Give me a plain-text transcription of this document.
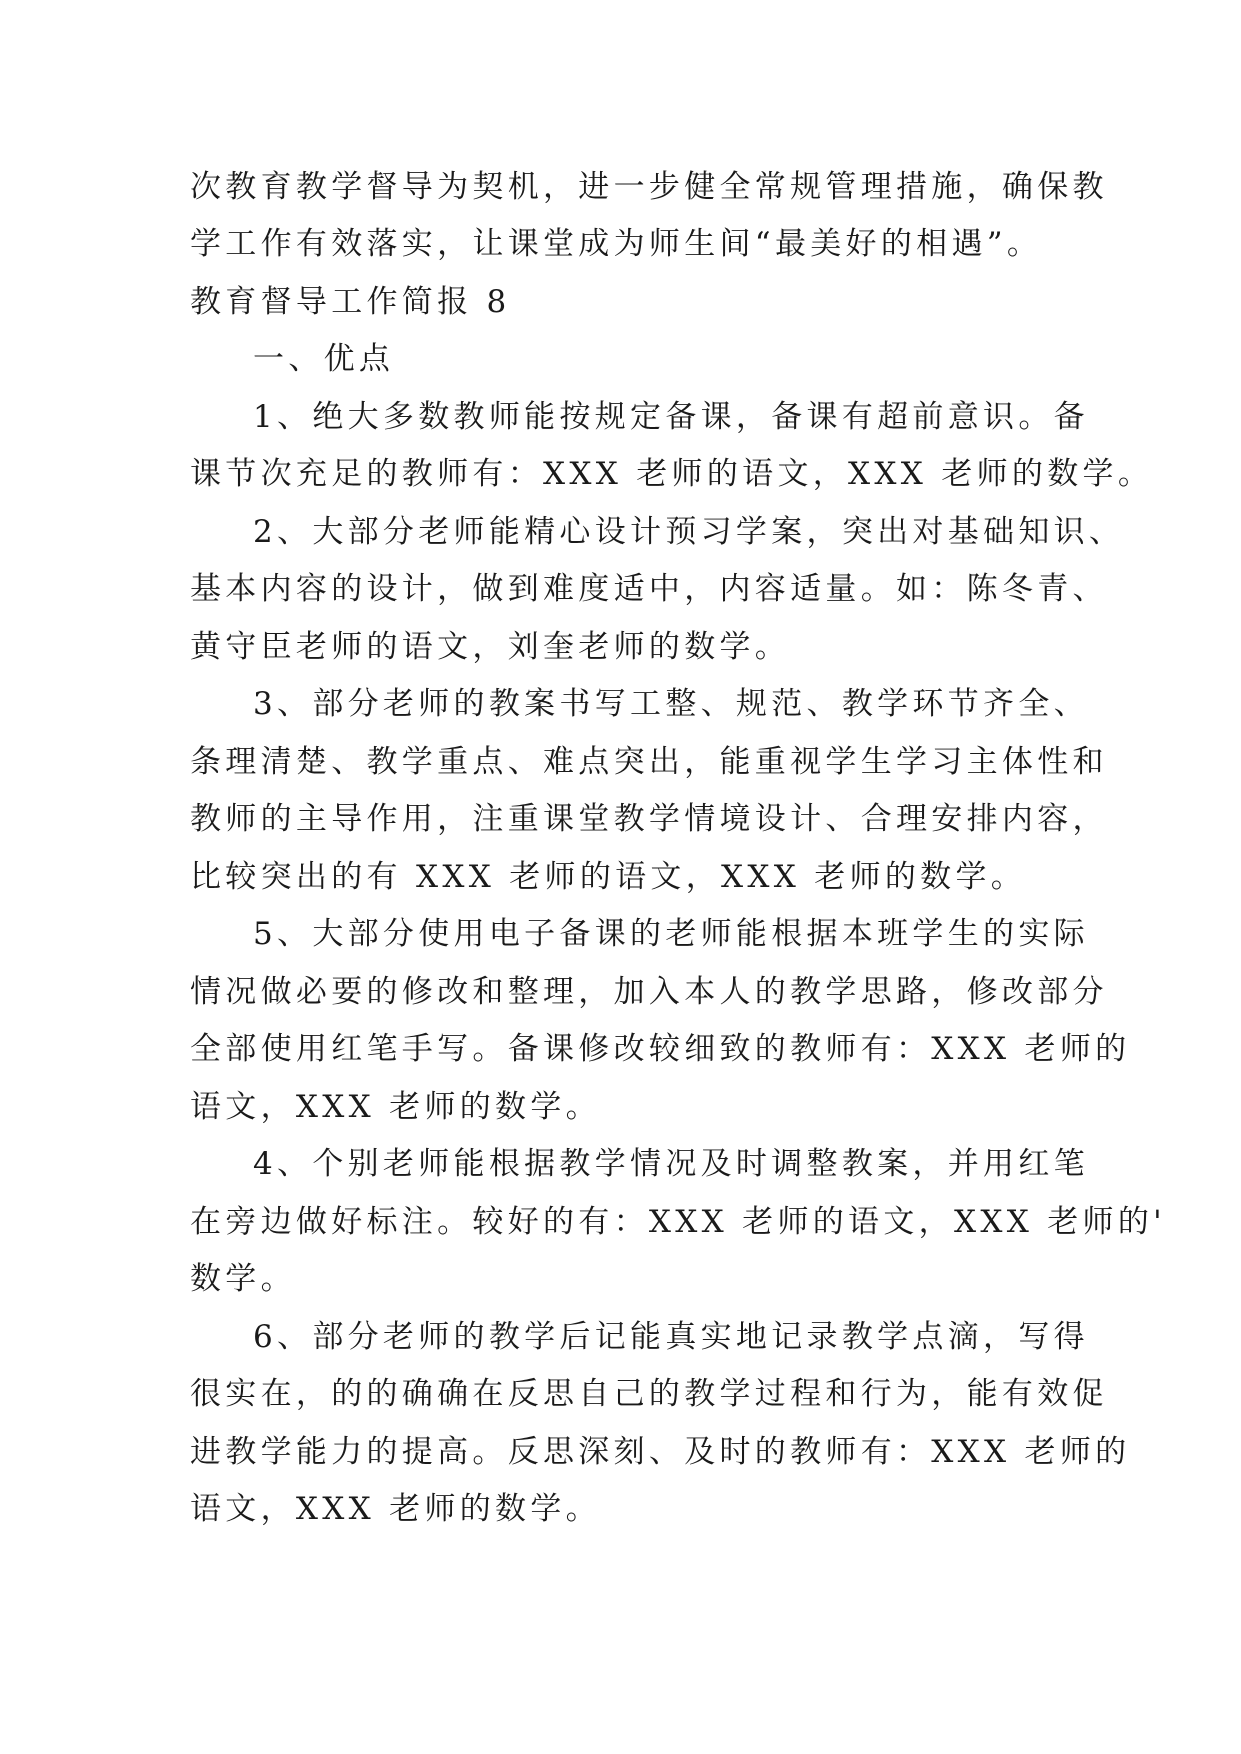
次教育教学督导为契机，进一步健全常规管理措施，确保教
学工作有效落实，让课堂成为师生间“最美好的相遇”。
教育督导工作简报 8
一、优点
1、绝大多数教师能按规定备课，备课有超前意识。备
课节次充足的教师有：XXX 老师的语文，XXX 老师的数学。
2、大部分老师能精心设计预习学案，突出对基础知识、
基本内容的设计，做到难度适中，内容适量。如：陈冬青、
黄守臣老师的语文，刘奎老师的数学。
3、部分老师的教案书写工整、规范、教学环节齐全、
条理清楚、教学重点、难点突出，能重视学生学习主体性和
教师的主导作用，注重课堂教学情境设计、合理安排内容，
比较突出的有 XXX 老师的语文，XXX 老师的数学。
5、大部分使用电子备课的老师能根据本班学生的实际
情况做必要的修改和整理，加入本人的教学思路，修改部分
全部使用红笔手写。备课修改较细致的教师有：XXX 老师的
语文，XXX 老师的数学。
4、个别老师能根据教学情况及时调整教案，并用红笔
在旁边做好标注。较好的有：XXX 老师的语文，XXX 老师的'
数学。
6、部分老师的教学后记能真实地记录教学点滴，写得
很实在，的的确确在反思自己的教学过程和行为，能有效促
进教学能力的提高。反思深刻、及时的教师有：XXX 老师的
语文，XXX 老师的数学。
